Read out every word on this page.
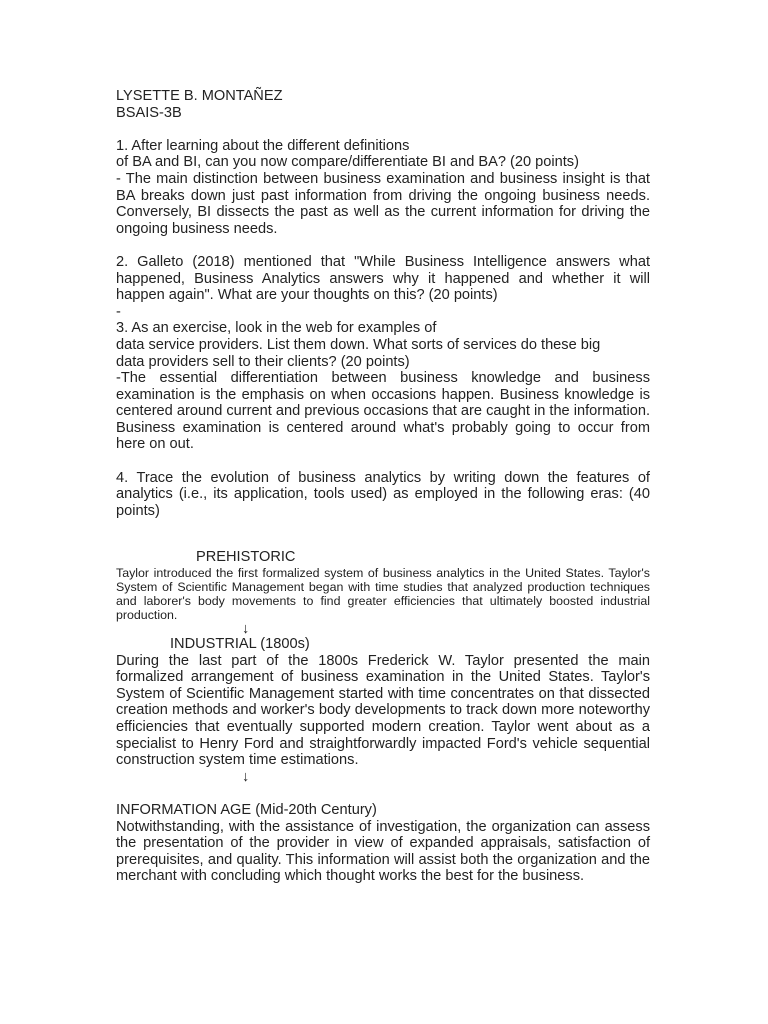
LYSETTE B. MONTAÑEZ

BSAIS-3B

1. After learning about the different definitions

of BA and BI, can you now compare/differentiate BI and BA? (20 points)

- The main distinction between business examination and business insight is that BA breaks down just past information from driving the ongoing business needs. Conversely, BI dissects the past as well as the current information for driving the ongoing business needs.

2. Galleto (2018) mentioned that "While Business Intelligence answers what happened, Business Analytics answers why it happened and whether it will happen again". What are your thoughts on this? (20 points)

-

3. As an exercise, look in the web for examples of

data service providers. List them down. What sorts of services do these big

data providers sell to their clients? (20 points)

-The essential differentiation between business knowledge and business examination is the emphasis on when occasions happen. Business knowledge is centered around current and previous occasions that are caught in the information. Business examination is centered around what's probably going to occur from here on out.

4. Trace the evolution of business analytics by writing down the features of analytics (i.e., its application, tools used) as employed in the following eras: (40 points)

PREHISTORIC

Taylor introduced the first formalized system of business analytics in the United States. Taylor's System of Scientific Management began with time studies that analyzed production techniques and laborer's body movements to find greater efficiencies that ultimately boosted industrial production.

↓

INDUSTRIAL (1800s)

During the last part of the 1800s Frederick W. Taylor presented the main formalized arrangement of business examination in the United States. Taylor's System of Scientific Management started with time concentrates on that dissected creation methods and worker's body developments to track down more noteworthy efficiencies that eventually supported modern creation. Taylor went about as a specialist to Henry Ford and straightforwardly impacted Ford's vehicle sequential construction system time estimations.

↓

INFORMATION AGE (Mid-20th Century)

Notwithstanding, with the assistance of investigation, the organization can assess the presentation of the provider in view of expanded appraisals, satisfaction of prerequisites, and quality. This information will assist both the organization and the merchant with concluding which thought works the best for the business.
